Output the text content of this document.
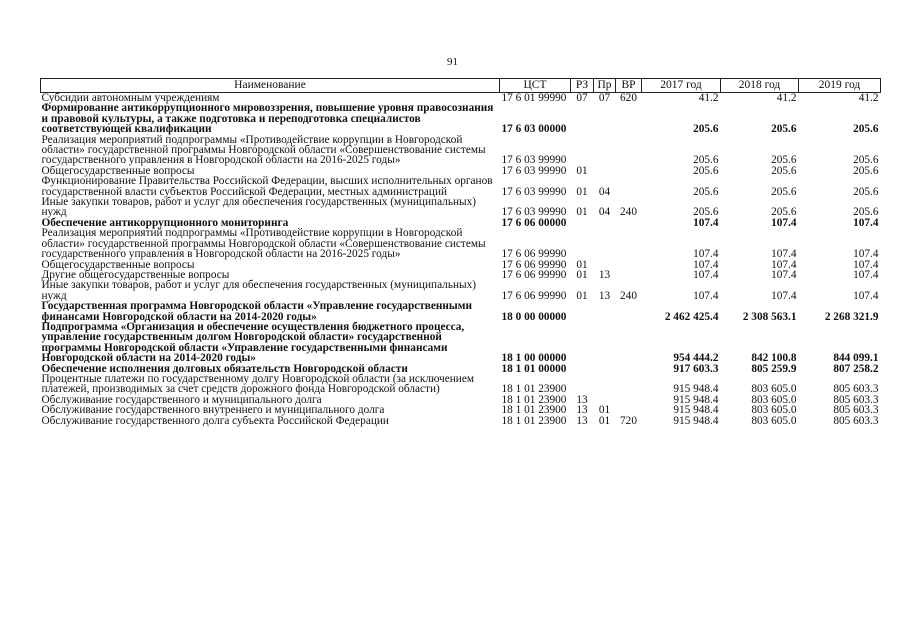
91
Наименование	ЦСТ	РЗ	Пр	ВР	2017 год	2018 год	2019 год
Субсидии автономным учреждениям	17 6 01 99990	07	07	620	41.2	41.2	41.2
Формирование антикоррупционного мировоззрения, повышение уровня правосознания и правовой культуры, а также подготовка и переподготовка специалистов соответствующей квалификации	17 6 03 00000				205.6	205.6	205.6
Реализация мероприятий подпрограммы «Противодействие коррупции в Новгородской области» государственной программы Новгородской области «Совершенствование системы государственного управления в Новгородской области на 2016-2025 годы»	17 6 03 99990				205.6	205.6	205.6
Общегосударственные вопросы	17 6 03 99990	01			205.6	205.6	205.6
Функционирование Правительства Российской Федерации, высших исполнительных органов государственной власти субъектов Российской Федерации, местных администраций	17 6 03 99990	01	04		205.6	205.6	205.6
Иные закупки товаров, работ и услуг для обеспечения государственных (муниципальных) нужд	17 6 03 99990	01	04	240	205.6	205.6	205.6
Обеспечение антикоррупционного мониторинга	17 6 06 00000				107.4	107.4	107.4
Реализация мероприятий подпрограммы «Противодействие коррупции в Новгородской области» государственной программы Новгородской области «Совершенствование системы государственного управления в Новгородской области на 2016-2025 годы»	17 6 06 99990				107.4	107.4	107.4
Общегосударственные вопросы	17 6 06 99990	01			107.4	107.4	107.4
Другие общегосударственные вопросы	17 6 06 99990	01	13		107.4	107.4	107.4
Иные закупки товаров, работ и услуг для обеспечения государственных (муниципальных) нужд	17 6 06 99990	01	13	240	107.4	107.4	107.4
Государственная программа Новгородской области «Управление государственными финансами Новгородской области на 2014-2020 годы»	18 0 00 00000				2 462 425.4	2 308 563.1	2 268 321.9
Подпрограмма «Организация и обеспечение осуществления бюджетного процесса, управление государственным долгом Новгородской области» государственной программы Новгородской области «Управление государственными финансами Новгородской области на 2014-2020 годы»	18 1 00 00000				954 444.2	842 100.8	844 099.1
Обеспечение исполнения долговых обязательств Новгородской области	18 1 01 00000				917 603.3	805 259.9	807 258.2
Процентные платежи по государственному долгу Новгородской области (за исключением платежей, производимых за счет средств дорожного фонда Новгородской области)	18 1 01 23900				915 948.4	803 605.0	805 603.3
Обслуживание государственного и муниципального долга	18 1 01 23900	13			915 948.4	803 605.0	805 603.3
Обслуживание государственного внутреннего и муниципального долга	18 1 01 23900	13	01		915 948.4	803 605.0	805 603.3
Обслуживание государственного долга субъекта Российской Федерации	18 1 01 23900	13	01	720	915 948.4	803 605.0	805 603.3
